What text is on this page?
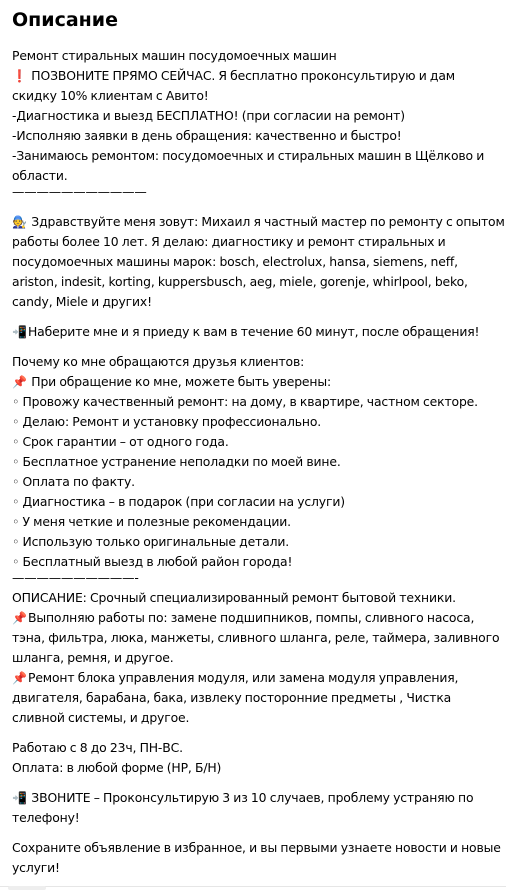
Описание
Ремонт стиральных машин посудомоечных машин
❗ ПОЗВОНИТЕ ПРЯМО СЕЙЧАС. Я бесплатно проконсультирую и дам
скидку 10% клиентам с Авито!
-Диагностика и выезд БЕСПЛАТНО! (при согласии на ремонт)
-Исполняю заявки в день обращения: качественно и быстро!
-Занимаюсь ремонтом: посудомоечных и стиральных машин в Щёлково и
области.
———————————
🧑‍🔧 Здравствуйте меня зовут: Михаил я частный мастер по ремонту с опытом
работы более 10 лет. Я делаю: диагностику и ремонт стиральных и
посудомоечных машины марок: bosch, electrolux, hansa, siemens, neff,
ariston, indesit, korting, kuppersbusch, aeg, miele, gorenje, whirlpool, beko,
candy, Miele и других!
📲Наберите мне и я приеду к вам в течение 60 минут, после обращения!
Почему ко мне обращаются друзья клиентов:
📌 При обращение ко мне, можете быть уверены:
◦ Провожу качественный ремонт: на дому, в квартире, частном секторе.
◦ Делаю: Ремонт и установку профессионально.
◦ Срок гарантии – от одного года.
◦ Бесплатное устранение неполадки по моей вине.
◦ Оплата по факту.
◦ Диагностика – в подарок (при согласии на услуги)
◦ У меня четкие и полезные рекомендации.
◦ Использую только оригинальные детали.
◦ Бесплатный выезд в любой район города!
——————————-
ОПИСАНИЕ: Срочный специализированный ремонт бытовой техники.
📌Выполняю работы по: замене подшипников, помпы, сливного насоса,
тэна, фильтра, люка, манжеты, сливного шланга, реле, таймера, заливного
шланга, ремня, и другое.
📌Ремонт блока управления модуля, или замена модуля управления,
двигателя, барабана, бака, извлеку посторонние предметы , Чистка
сливной системы, и другое.
Работаю с 8 до 23ч, ПН-ВС.
Оплата: в любой форме (НР, Б/Н)
📲 ЗВОНИТЕ – Проконсультирую 3 из 10 случаев, проблему устраняю по
телефону!
Сохраните объявление в избранное, и вы первыми узнаете новости и новые
услуги!
